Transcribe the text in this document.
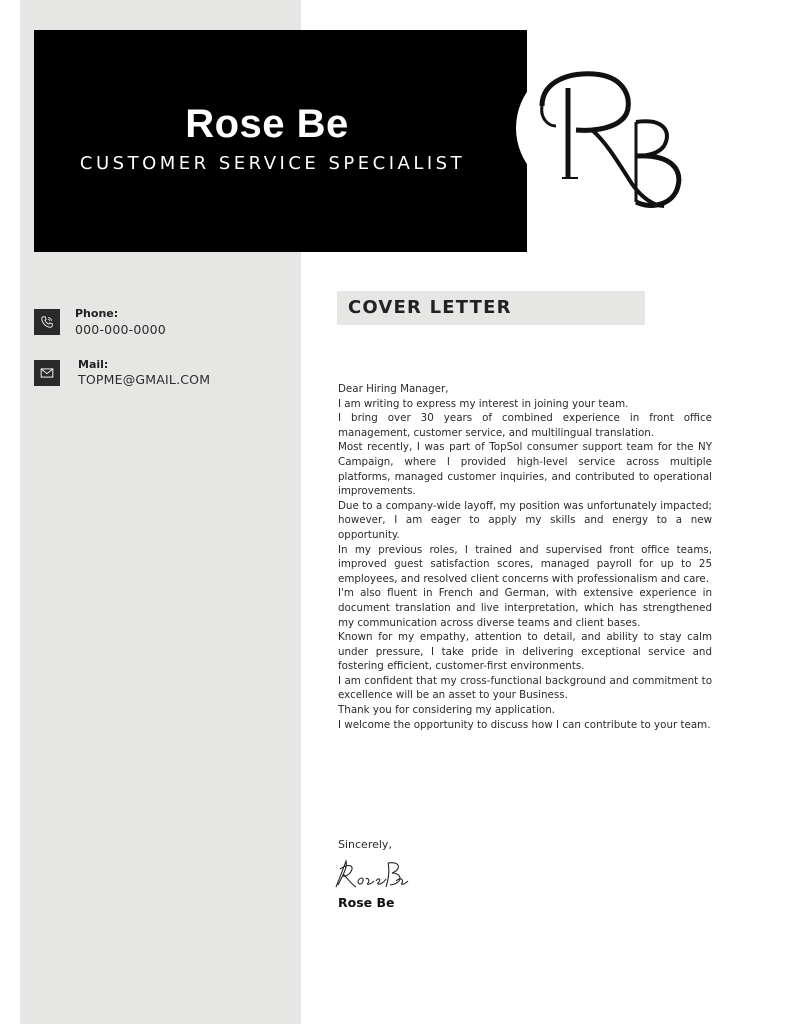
Rose Be
CUSTOMER SERVICE SPECIALIST
Phone:
000-000-0000
Mail:
TOPME@GMAIL.COM
COVER LETTER

Dear Hiring Manager,

I am writing to express my interest in joining your team.

I bring over 30 years of combined experience in front office management, customer service, and multilingual translation.

Most recently, I was part of TopSol consumer support team for the NY Campaign, where I provided high-level service across multiple platforms, managed customer inquiries, and contributed to operational improvements.

Due to a company-wide layoff, my position was unfortunately impacted; however, I am eager to apply my skills and energy to a new opportunity.

In my previous roles, I trained and supervised front office teams, improved guest satisfaction scores, managed payroll for up to 25 employees, and resolved client concerns with professionalism and care.

I'm also fluent in French and German, with extensive experience in document translation and live interpretation, which has strengthened my communication across diverse teams and client bases.

Known for my empathy, attention to detail, and ability to stay calm under pressure, I take pride in delivering exceptional service and fostering efficient, customer-first environments.

I am confident that my cross-functional background and commitment to excellence will be an asset to your Business.

Thank you for considering my application.

I welcome the opportunity to discuss how I can contribute to your team.

Sincerely,
Rose Be
